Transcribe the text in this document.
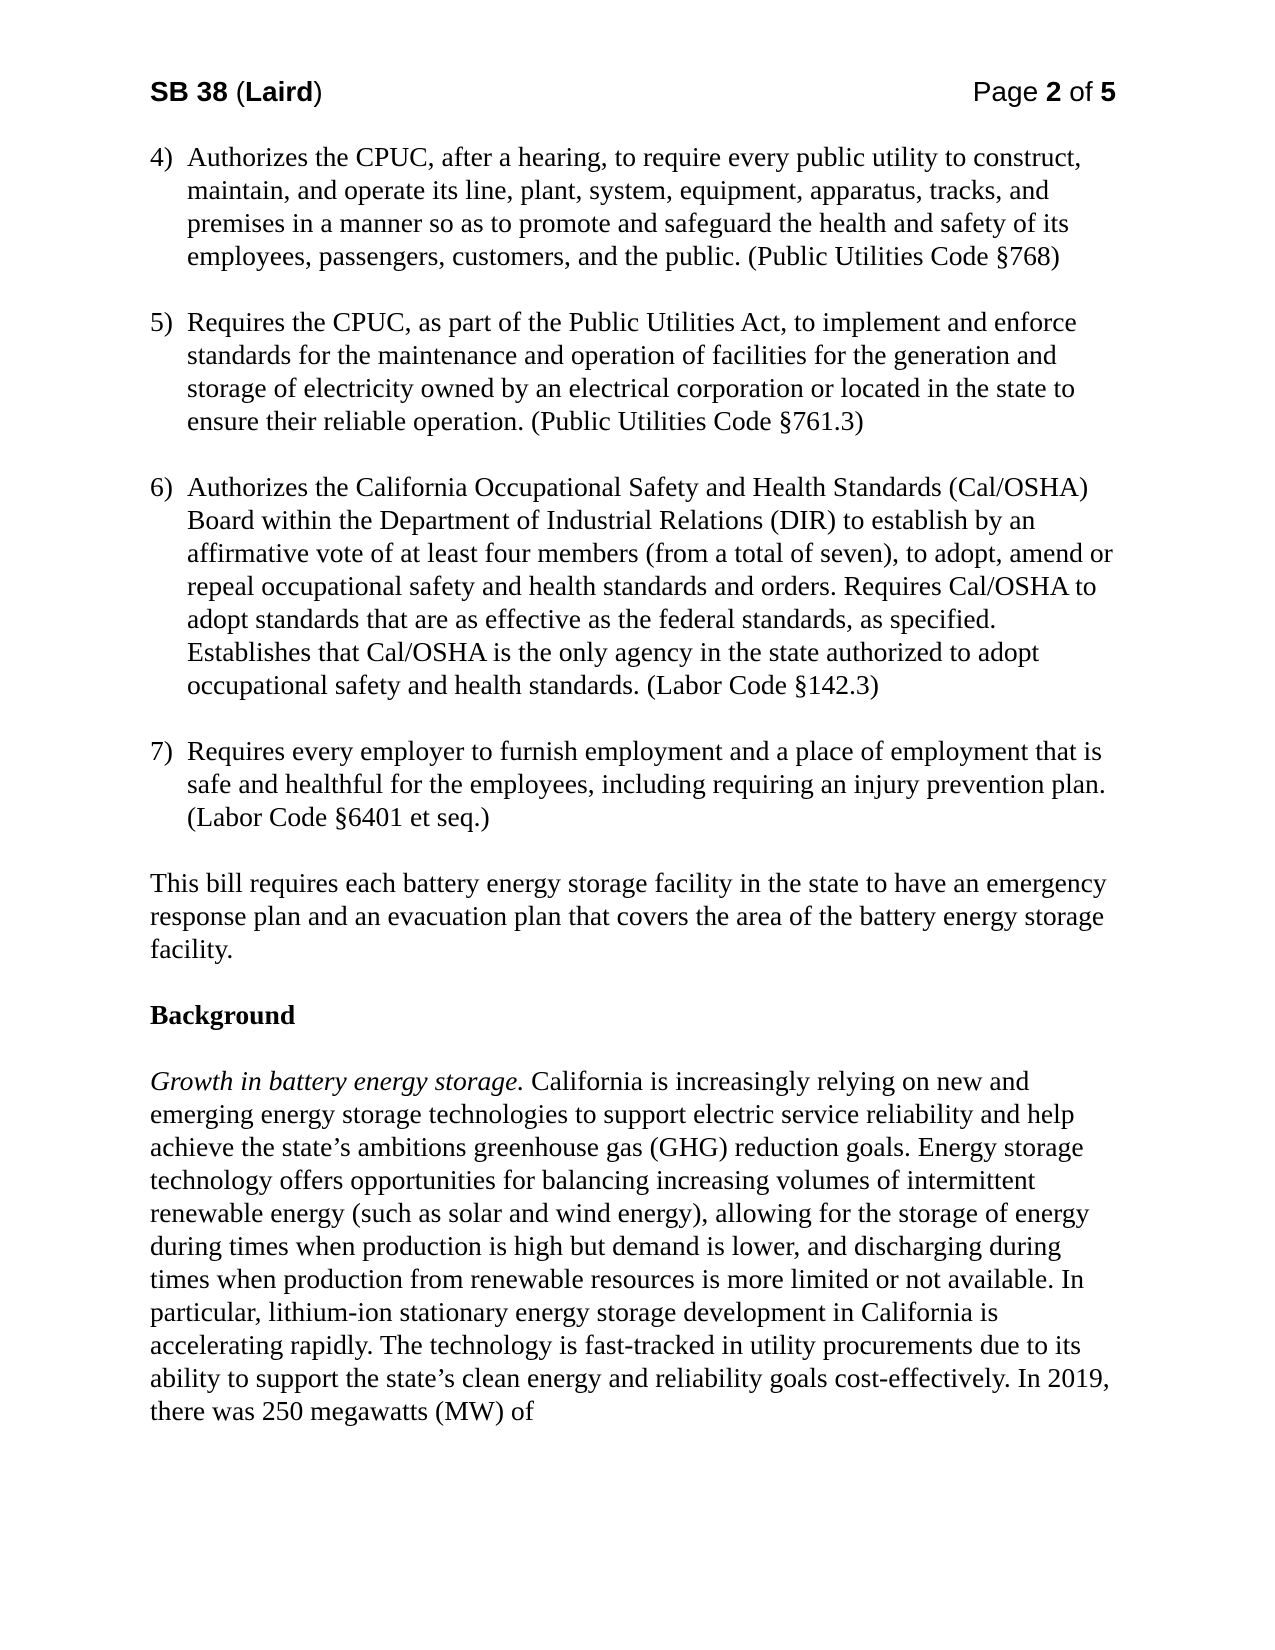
SB 38 (Laird)	Page 2 of 5
4) Authorizes the CPUC, after a hearing, to require every public utility to construct, maintain, and operate its line, plant, system, equipment, apparatus, tracks, and premises in a manner so as to promote and safeguard the health and safety of its employees, passengers, customers, and the public. (Public Utilities Code §768)
5) Requires the CPUC, as part of the Public Utilities Act, to implement and enforce standards for the maintenance and operation of facilities for the generation and storage of electricity owned by an electrical corporation or located in the state to ensure their reliable operation. (Public Utilities Code §761.3)
6) Authorizes the California Occupational Safety and Health Standards (Cal/OSHA) Board within the Department of Industrial Relations (DIR) to establish by an affirmative vote of at least four members (from a total of seven), to adopt, amend or repeal occupational safety and health standards and orders. Requires Cal/OSHA to adopt standards that are as effective as the federal standards, as specified. Establishes that Cal/OSHA is the only agency in the state authorized to adopt occupational safety and health standards. (Labor Code §142.3)
7) Requires every employer to furnish employment and a place of employment that is safe and healthful for the employees, including requiring an injury prevention plan. (Labor Code §6401 et seq.)

This bill requires each battery energy storage facility in the state to have an emergency response plan and an evacuation plan that covers the area of the battery energy storage facility.

Background

Growth in battery energy storage. California is increasingly relying on new and emerging energy storage technologies to support electric service reliability and help achieve the state’s ambitions greenhouse gas (GHG) reduction goals. Energy storage technology offers opportunities for balancing increasing volumes of intermittent renewable energy (such as solar and wind energy), allowing for the storage of energy during times when production is high but demand is lower, and discharging during times when production from renewable resources is more limited or not available. In particular, lithium-ion stationary energy storage development in California is accelerating rapidly. The technology is fast-tracked in utility procurements due to its ability to support the state’s clean energy and reliability goals cost-effectively. In 2019, there was 250 megawatts (MW) of
